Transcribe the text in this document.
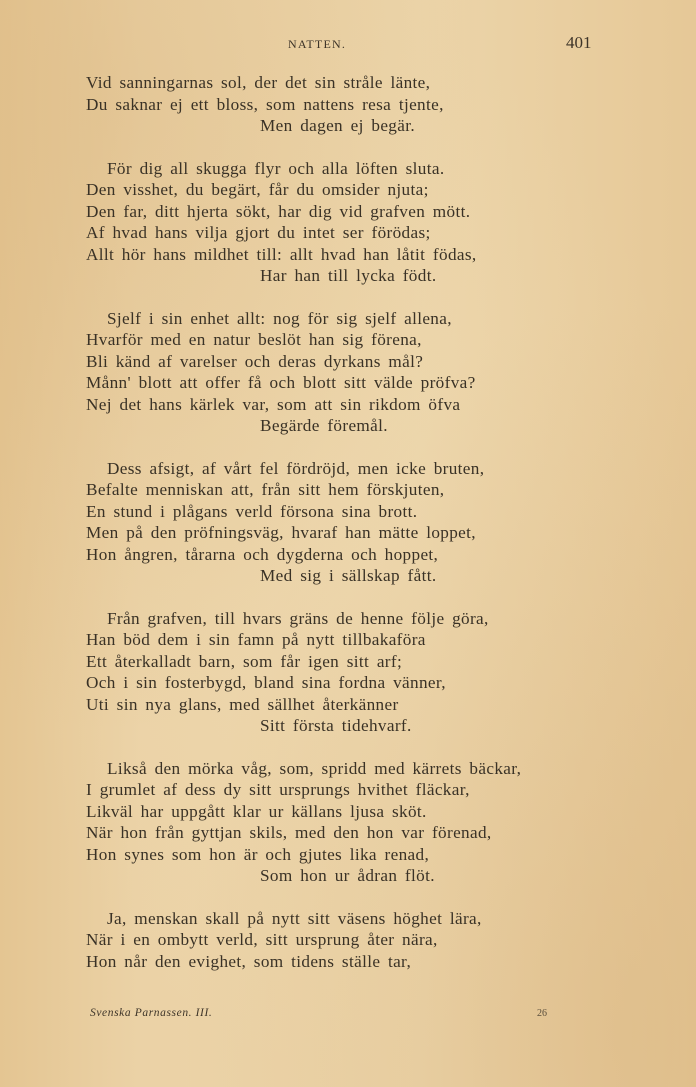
NATTEN.	401
Vid sanningarnas sol, der det sin stråle länte,
Du saknar ej ett bloss, som nattens resa tjente,
Men dagen ej begär.
För dig all skugga flyr och alla löften sluta.
Den visshet, du begärt, får du omsider njuta;
Den far, ditt hjerta sökt, har dig vid grafven mött.
Af hvad hans vilja gjort du intet ser förödas;
Allt hör hans mildhet till: allt hvad han låtit födas,
Har han till lycka födt.
Sjelf i sin enhet allt: nog för sig sjelf allena,
Hvarför med en natur beslöt han sig förena,
Bli känd af varelser och deras dyrkans mål?
Månn' blott att offer få och blott sitt välde pröfva?
Nej det hans kärlek var, som att sin rikdom öfva
Begärde föremål.
Dess afsigt, af vårt fel fördröjd, men icke bruten,
Befalte menniskan att, från sitt hem förskjuten,
En stund i plågans verld försona sina brott.
Men på den pröfningsväg, hvaraf han mätte loppet,
Hon ångren, tårarna och dygderna och hoppet,
Med sig i sällskap fått.
Från grafven, till hvars gräns de henne följe göra,
Han böd dem i sin famn på nytt tillbakaföra
Ett återkalladt barn, som får igen sitt arf;
Och i sin fosterbygd, bland sina fordna vänner,
Uti sin nya glans, med sällhet återkänner
Sitt första tidehvarf.
Likså den mörka våg, som, spridd med kärrets bäckar,
I grumlet af dess dy sitt ursprungs hvithet fläckar,
Likväl har uppgått klar ur källans ljusa sköt.
När hon från gyttjan skils, med den hon var förenad,
Hon synes som hon är och gjutes lika renad,
Som hon ur ådran flöt.
Ja, menskan skall på nytt sitt väsens höghet lära,
När i en ombytt verld, sitt ursprung åter nära,
Hon når den evighet, som tidens ställe tar,
Svenska Parnassen. III.	26
